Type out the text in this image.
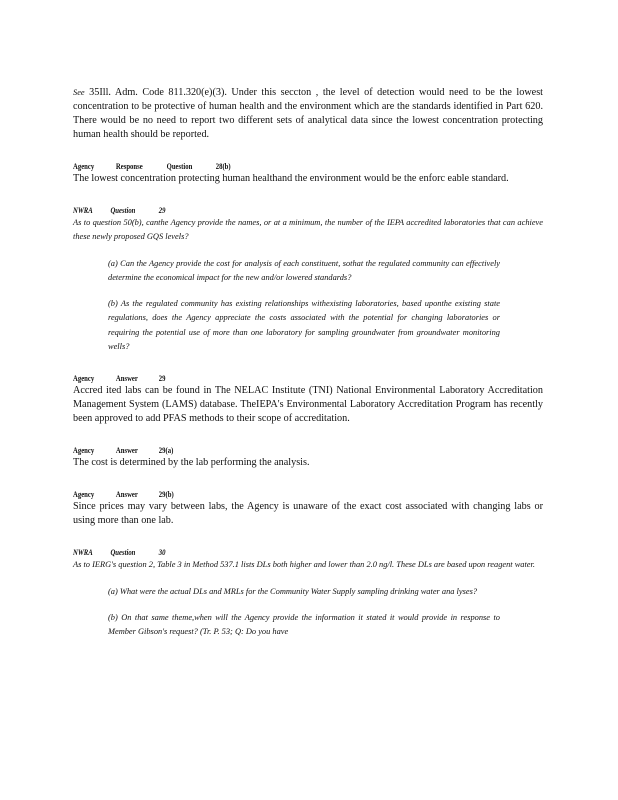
See 35Ill. Adm. Code 811.320(e)(3). Under this seccton , the level of detection would need to be the lowest concentration to be protective of human health and the environment which are the standards identified in Part 620. There would be no need to report two different sets of analytical data since the lowest concentration protecting human health should be reported.

Agency	Response	Question	28(b)

The lowest concentration protecting human healthand the environment would be the enforc eable standard.

NWRA Question	29

As to question 50(b), canthe Agency provide the names, or at a minimum, the number of the IEPA accredited laboratories that can achieve these newly proposed GQS levels?

(a) Can the Agency provide the cost for analysis of each constituent, sothat the regulated community can effectively determine the economical impact for the new and/or lowered standards?

(b) As the regulated community has existing relationships withexisting laboratories, based uponthe existing state regulations, does the Agency appreciate the costs associated with the potential for changing laboratories or requiring the potential use of more than one laboratory for sampling groundwater from groundwater monitoring wells?

Agency	Answer 29

Accred ited labs can be found in The NELAC Institute (TNI) National Environmental Laboratory Accreditation Management System (LAMS) database. TheIEPA's Environmental Laboratory Accreditation Program has recently been approved to add PFAS methods to their scope of accreditation.

Agency	Answer 29(a)

The cost is determined by the lab performing the analysis.

Agency	Answer 29(b)

Since prices may vary between labs, the Agency is unaware of the exact cost associated with changing labs or using more than one lab.

NWRA Question	30

As to IERG's question 2, Table 3 in Method 537.1 lists DLs both higher and lower than 2.0 ng/l. These DLs are based upon reagent water.

(a) What were the actual DLs and MRLs for the Community Water Supply sampling drinking water ana lyses?

(b) On that same theme,when will the Agency provide the information it stated it would provide in response to Member Gibson's request? (Tr. P. 53; Q: Do you have
